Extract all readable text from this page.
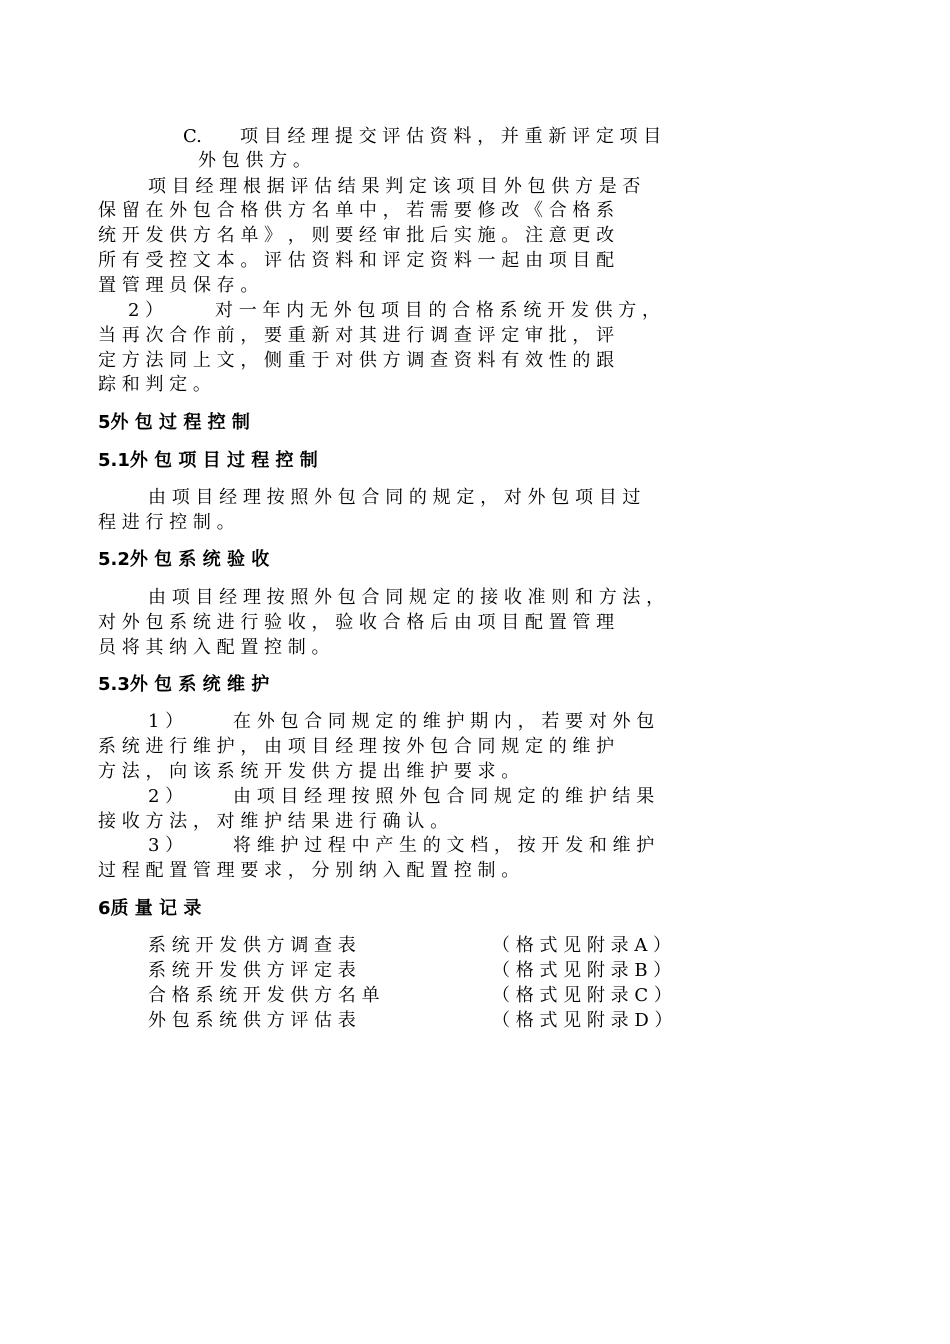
C. 项 目 经 理 提 交 评 估 资 料 ， 并 重 新 评 定 项 目
外 包 供 方 。
项 目 经 理 根 据 评 估 结 果 判 定 该 项 目 外 包 供 方 是 否
保 留 在 外 包 合 格 供 方 名 单 中 ， 若 需 要 修 改 《 合 格 系
统 开 发 供 方 名 单 》 ， 则 要 经 审 批 后 实 施 。 注 意 更 改
所 有 受 控 文 本 。 评 估 资 料 和 评 定 资 料 一 起 由 项 目 配
置 管 理 员 保 存 。
2 ）	对 一 年 内 无 外 包 项 目 的 合 格 系 统 开 发 供 方 ，
当 再 次 合 作 前 ， 要 重 新 对 其 进 行 调 查 评 定 审 批 ， 评
定 方 法 同 上 文 ， 侧 重 于 对 供 方 调 查 资 料 有 效 性 的 跟
踪 和 判 定 。
5外 包 过 程 控 制
5.1外 包 项 目 过 程 控 制
由 项 目 经 理 按 照 外 包 合 同 的 规 定 ， 对 外 包 项 目 过
程 进 行 控 制 。
5.2外 包 系 统 验 收
由 项 目 经 理 按 照 外 包 合 同 规 定 的 接 收 准 则 和 方 法 ，
对 外 包 系 统 进 行 验 收 ， 验 收 合 格 后 由 项 目 配 置 管 理
员 将 其 纳 入 配 置 控 制 。
5.3外 包 系 统 维 护
1 ）	在 外 包 合 同 规 定 的 维 护 期 内 ， 若 要 对 外 包
系 统 进 行 维 护 ， 由 项 目 经 理 按 外 包 合 同 规 定 的 维 护
方 法 ， 向 该 系 统 开 发 供 方 提 出 维 护 要 求 。
2 ）	由 项 目 经 理 按 照 外 包 合 同 规 定 的 维 护 结 果
接 收 方 法 ， 对 维 护 结 果 进 行 确 认 。
3 ）	将 维 护 过 程 中 产 生 的 文 档 ， 按 开 发 和 维 护
过 程 配 置 管 理 要 求 ， 分 别 纳 入 配 置 控 制 。
6质 量 记 录
系 统 开 发 供 方 调 查 表	（ 格 式 见 附 录 A ）
系 统 开 发 供 方 评 定 表	（ 格 式 见 附 录 B ）
合 格 系 统 开 发 供 方 名 单	（ 格 式 见 附 录 C ）
外 包 系 统 供 方 评 估 表	（ 格 式 见 附 录 D ）
